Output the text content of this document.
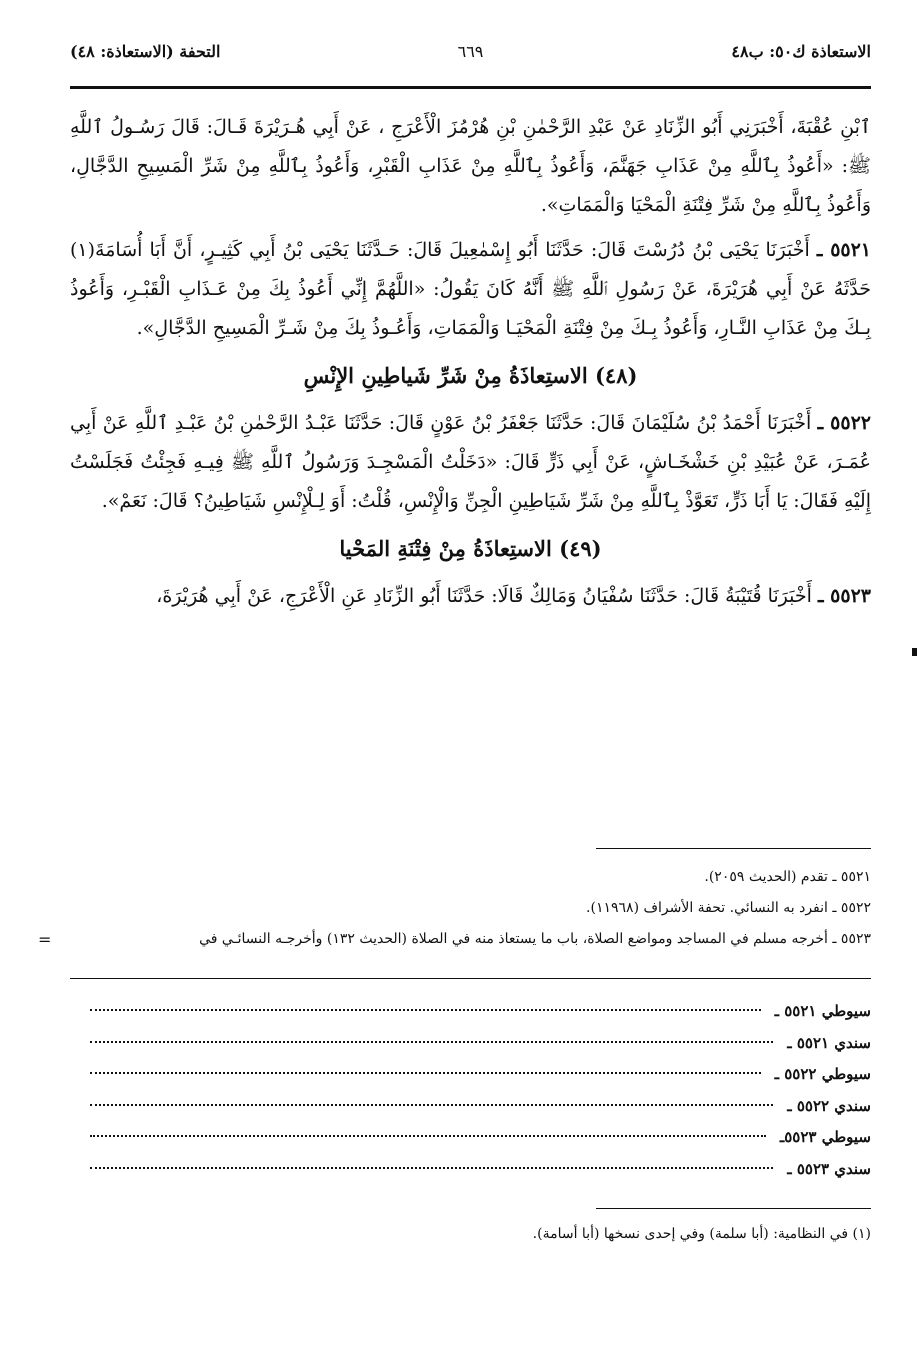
الاستعاذة ك٥٠: ب٤٨
٦٦٩
التحفة (الاستعاذة: ٤٨)

ٱبْنِ عُقْبَةَ، أَخْبَرَنِي أَبُو الزِّنَادِ عَنْ عَبْدِ الرَّحْمٰنِ بْنِ هُرْمُزَ الْأَعْرَجِ ، عَنْ أَبِي هُـرَيْرَةَ قَـالَ: قَالَ رَسُـولُ ٱللَّهِ ﷺ: «أَعُوذُ بِٱللَّهِ مِنْ عَذَابِ جَهَنَّمَ، وَأَعُوذُ بِٱللَّهِ مِنْ عَذَابِ الْقَبْرِ، وَأَعُوذُ بِٱللَّهِ مِنْ شَرِّ الْمَسِيحِ الدَّجَّالِ، وَأَعُوذُ بِٱللَّهِ مِنْ شَرِّ فِتْنَةِ الْمَحْيَا وَالْمَمَاتِ».

٥٥٢١ ـ أَخْبَرَنَا يَحْيَى بْنُ دُرُسْتَ قَالَ: حَدَّثَنَا أَبُو إِسْمٰعِيلَ قَالَ: حَـدَّثَنَا يَحْيَى بْنُ أَبِي كَثِيـرٍ، أَنَّ أَبَا أُسَامَةَ(١) حَدَّثَهُ عَنْ أَبِي هُرَيْرَةَ، عَنْ رَسُولِ ٱللَّهِ ﷺ أَنَّهُ كَانَ يَقُولُ: «اللَّهُمَّ إِنِّي أَعُوذُ بِكَ مِنْ عَـذَابِ الْقَبْـرِ، وَأَعُوذُ بِـكَ مِنْ عَذَابِ النَّـارِ، وَأَعُوذُ بِـكَ مِنْ فِتْنَةِ الْمَحْيَـا وَالْمَمَاتِ، وَأَعُـوذُ بِكَ مِنْ شَـرِّ الْمَسِيحِ الدَّجَّالِ».

(٤٨) الاستِعاذَةُ مِنْ شَرِّ شَياطِينِ الإِنْسِ

٥٥٢٢ ـ أَخْبَرَنَا أَحْمَدُ بْنُ سُلَيْمَانَ قَالَ: حَدَّثَنَا جَعْفَرُ بْنُ عَوْنٍ قَالَ: حَدَّثَنَا عَبْـدُ الرَّحْمٰنِ بْنُ عَبْـدِ ٱللَّهِ عَنْ أَبِي عُمَـرَ، عَنْ عُبَيْدِ بْنِ خَشْخَـاشٍ، عَنْ أَبِي ذَرٍّ قَالَ: «دَخَلْتُ الْمَسْجِـدَ وَرَسُولُ ٱللَّهِ ﷺ فِيـهِ فَجِئْتُ فَجَلَسْتُ إِلَيْهِ فَقَالَ: يَا أَبَا ذَرٍّ، تَعَوَّذْ بِٱللَّهِ مِنْ شَرِّ شَيَاطِينِ الْجِنِّ وَالْإِنْسِ، قُلْتُ: أَوَ لِـلْإِنْسِ شَيَاطِينُ؟ قَالَ: نَعَمْ».

(٤٩) الاستِعاذَةُ مِنْ فِتْنَةِ المَحْيا

٥٥٢٣ ـ أَخْبَرَنَا قُتَيْبَةُ قَالَ: حَدَّثَنَا سُفْيَانُ وَمَالِكٌ قَالَا: حَدَّثَنَا أَبُو الزِّنَادِ عَنِ الْأَعْرَجِ، عَنْ أَبِي هُرَيْرَةَ،

٥٥٢١ ـ تقدم (الحديث ٢٠٥٩).
٥٥٢٢ ـ انفرد به النسائي. تحفة الأشراف (١١٩٦٨).
٥٥٢٣ ـ أخرجه مسلم في المساجد ومواضع الصلاة، باب ما يستعاذ منه في الصلاة (الحديث ١٣٢) وأخرجـه النسائـي في
=
سيوطي ٥٥٢١ ـ
سندي ٥٥٢١ ـ
سيوطي ٥٥٢٢ ـ
سندي ٥٥٢٢ ـ
سيوطي ٥٥٢٣ـ
سندي ٥٥٢٣ ـ
(١) في النظامية: (أبا سلمة) وفي إحدى نسخها (أبا أسامة).
